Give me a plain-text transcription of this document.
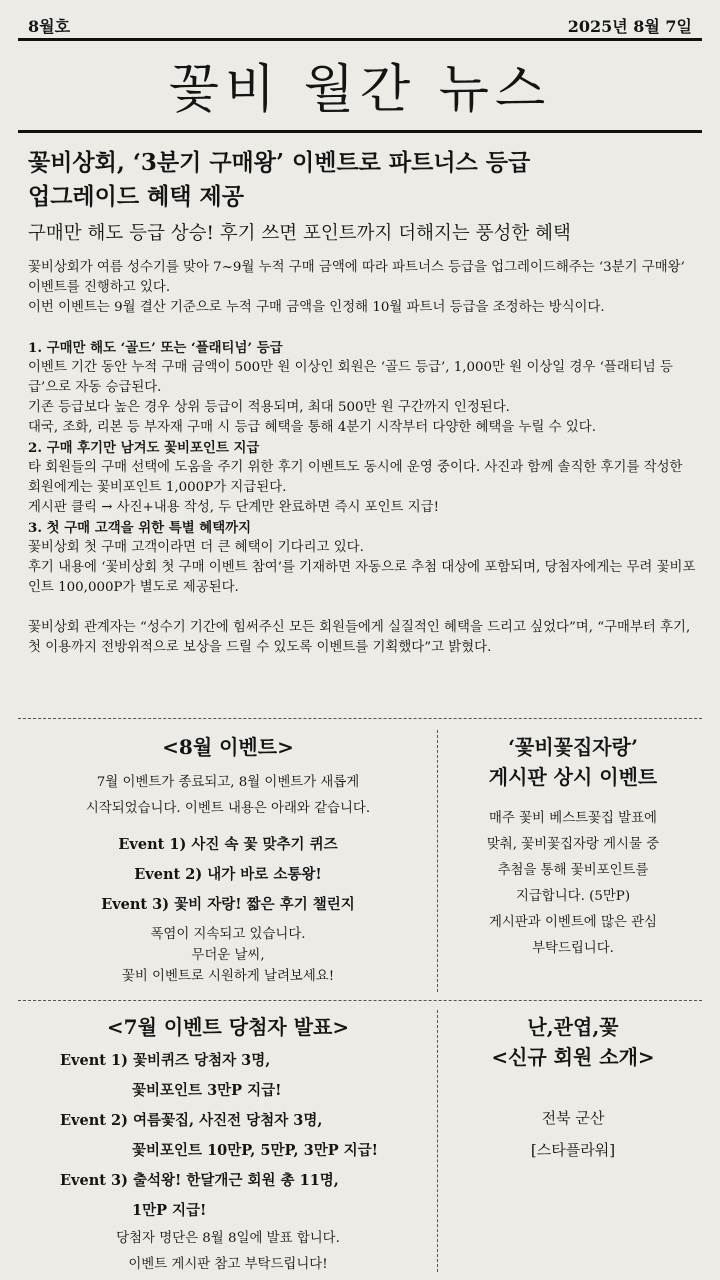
8월호	2025년 8월 7일
꽃비 월간 뉴스
꽃비상회, ‘3분기 구매왕’ 이벤트로 파트너스 등급
업그레이드 혜택 제공
구매만 해도 등급 상승! 후기 쓰면 포인트까지 더해지는 풍성한 혜택

꽃비상회가 여름 성수기를 맞아 7~9월 누적 구매 금액에 따라 파트너스 등급을 업그레이드해주는 ‘3분기 구매왕’ 이벤트를 진행하고 있다.

이번 이벤트는 9월 결산 기준으로 누적 구매 금액을 인정해 10월 파트너 등급을 조정하는 방식이다.

1. 구매만 해도 ‘골드’ 또는 ‘플래티넘’ 등급

이벤트 기간 동안 누적 구매 금액이 500만 원 이상인 회원은 ‘골드 등급’, 1,000만 원 이상일 경우 ‘플래티넘 등급’으로 자동 승급된다.

기존 등급보다 높은 경우 상위 등급이 적용되며, 최대 500만 원 구간까지 인정된다.

대국, 조화, 리본 등 부자재 구매 시 등급 혜택을 통해 4분기 시작부터 다양한 혜택을 누릴 수 있다.

2. 구매 후기만 남겨도 꽃비포인트 지급

타 회원들의 구매 선택에 도움을 주기 위한 후기 이벤트도 동시에 운영 중이다. 사진과 함께 솔직한 후기를 작성한 회원에게는 꽃비포인트 1,000P가 지급된다.

게시판 클릭 → 사진+내용 작성, 두 단계만 완료하면 즉시 포인트 지급!

3. 첫 구매 고객을 위한 특별 혜택까지

꽃비상회 첫 구매 고객이라면 더 큰 혜택이 기다리고 있다.

후기 내용에 ‘꽃비상회 첫 구매 이벤트 참여’를 기재하면 자동으로 추첨 대상에 포함되며, 당첨자에게는 무려 꽃비포인트 100,000P가 별도로 제공된다.

꽃비상회 관계자는 “성수기 기간에 힘써주신 모든 회원들에게 실질적인 혜택을 드리고 싶었다”며, “구매부터 후기, 첫 이용까지 전방위적으로 보상을 드릴 수 있도록 이벤트를 기획했다”고 밝혔다.

<8월 이벤트>
7월 이벤트가 종료되고, 8월 이벤트가 새롭게
시작되었습니다. 이벤트 내용은 아래와 같습니다.
Event 1) 사진 속 꽃 맞추기 퀴즈
Event 2) 내가 바로 소통왕!
Event 3) 꽃비 자랑! 짧은 후기 챌린지
폭염이 지속되고 있습니다.
무더운 날씨,
꽃비 이벤트로 시원하게 날려보세요!
‘꽃비꽃집자랑’
게시판 상시 이벤트
매주 꽃비 베스트꽃집 발표에
맞춰, 꽃비꽃집자랑 게시물 중
추첨을 통해 꽃비포인트를
지급합니다. (5만P)
게시판과 이벤트에 많은 관심
부탁드립니다.
<7월 이벤트 당첨자 발표>
Event 1) 꽃비퀴즈 당첨자 3명,
꽃비포인트 3만P 지급!
Event 2) 여름꽃집, 사진전 당첨자 3명,
꽃비포인트 10만P, 5만P, 3만P 지급!
Event 3) 출석왕! 한달개근 회원 총 11명,
1만P 지급!
당첨자 명단은 8월 8일에 발표 합니다.
이벤트 게시판 참고 부탁드립니다!
난,관엽,꽃
<신규 회원 소개>
전북 군산
[스타플라워]
